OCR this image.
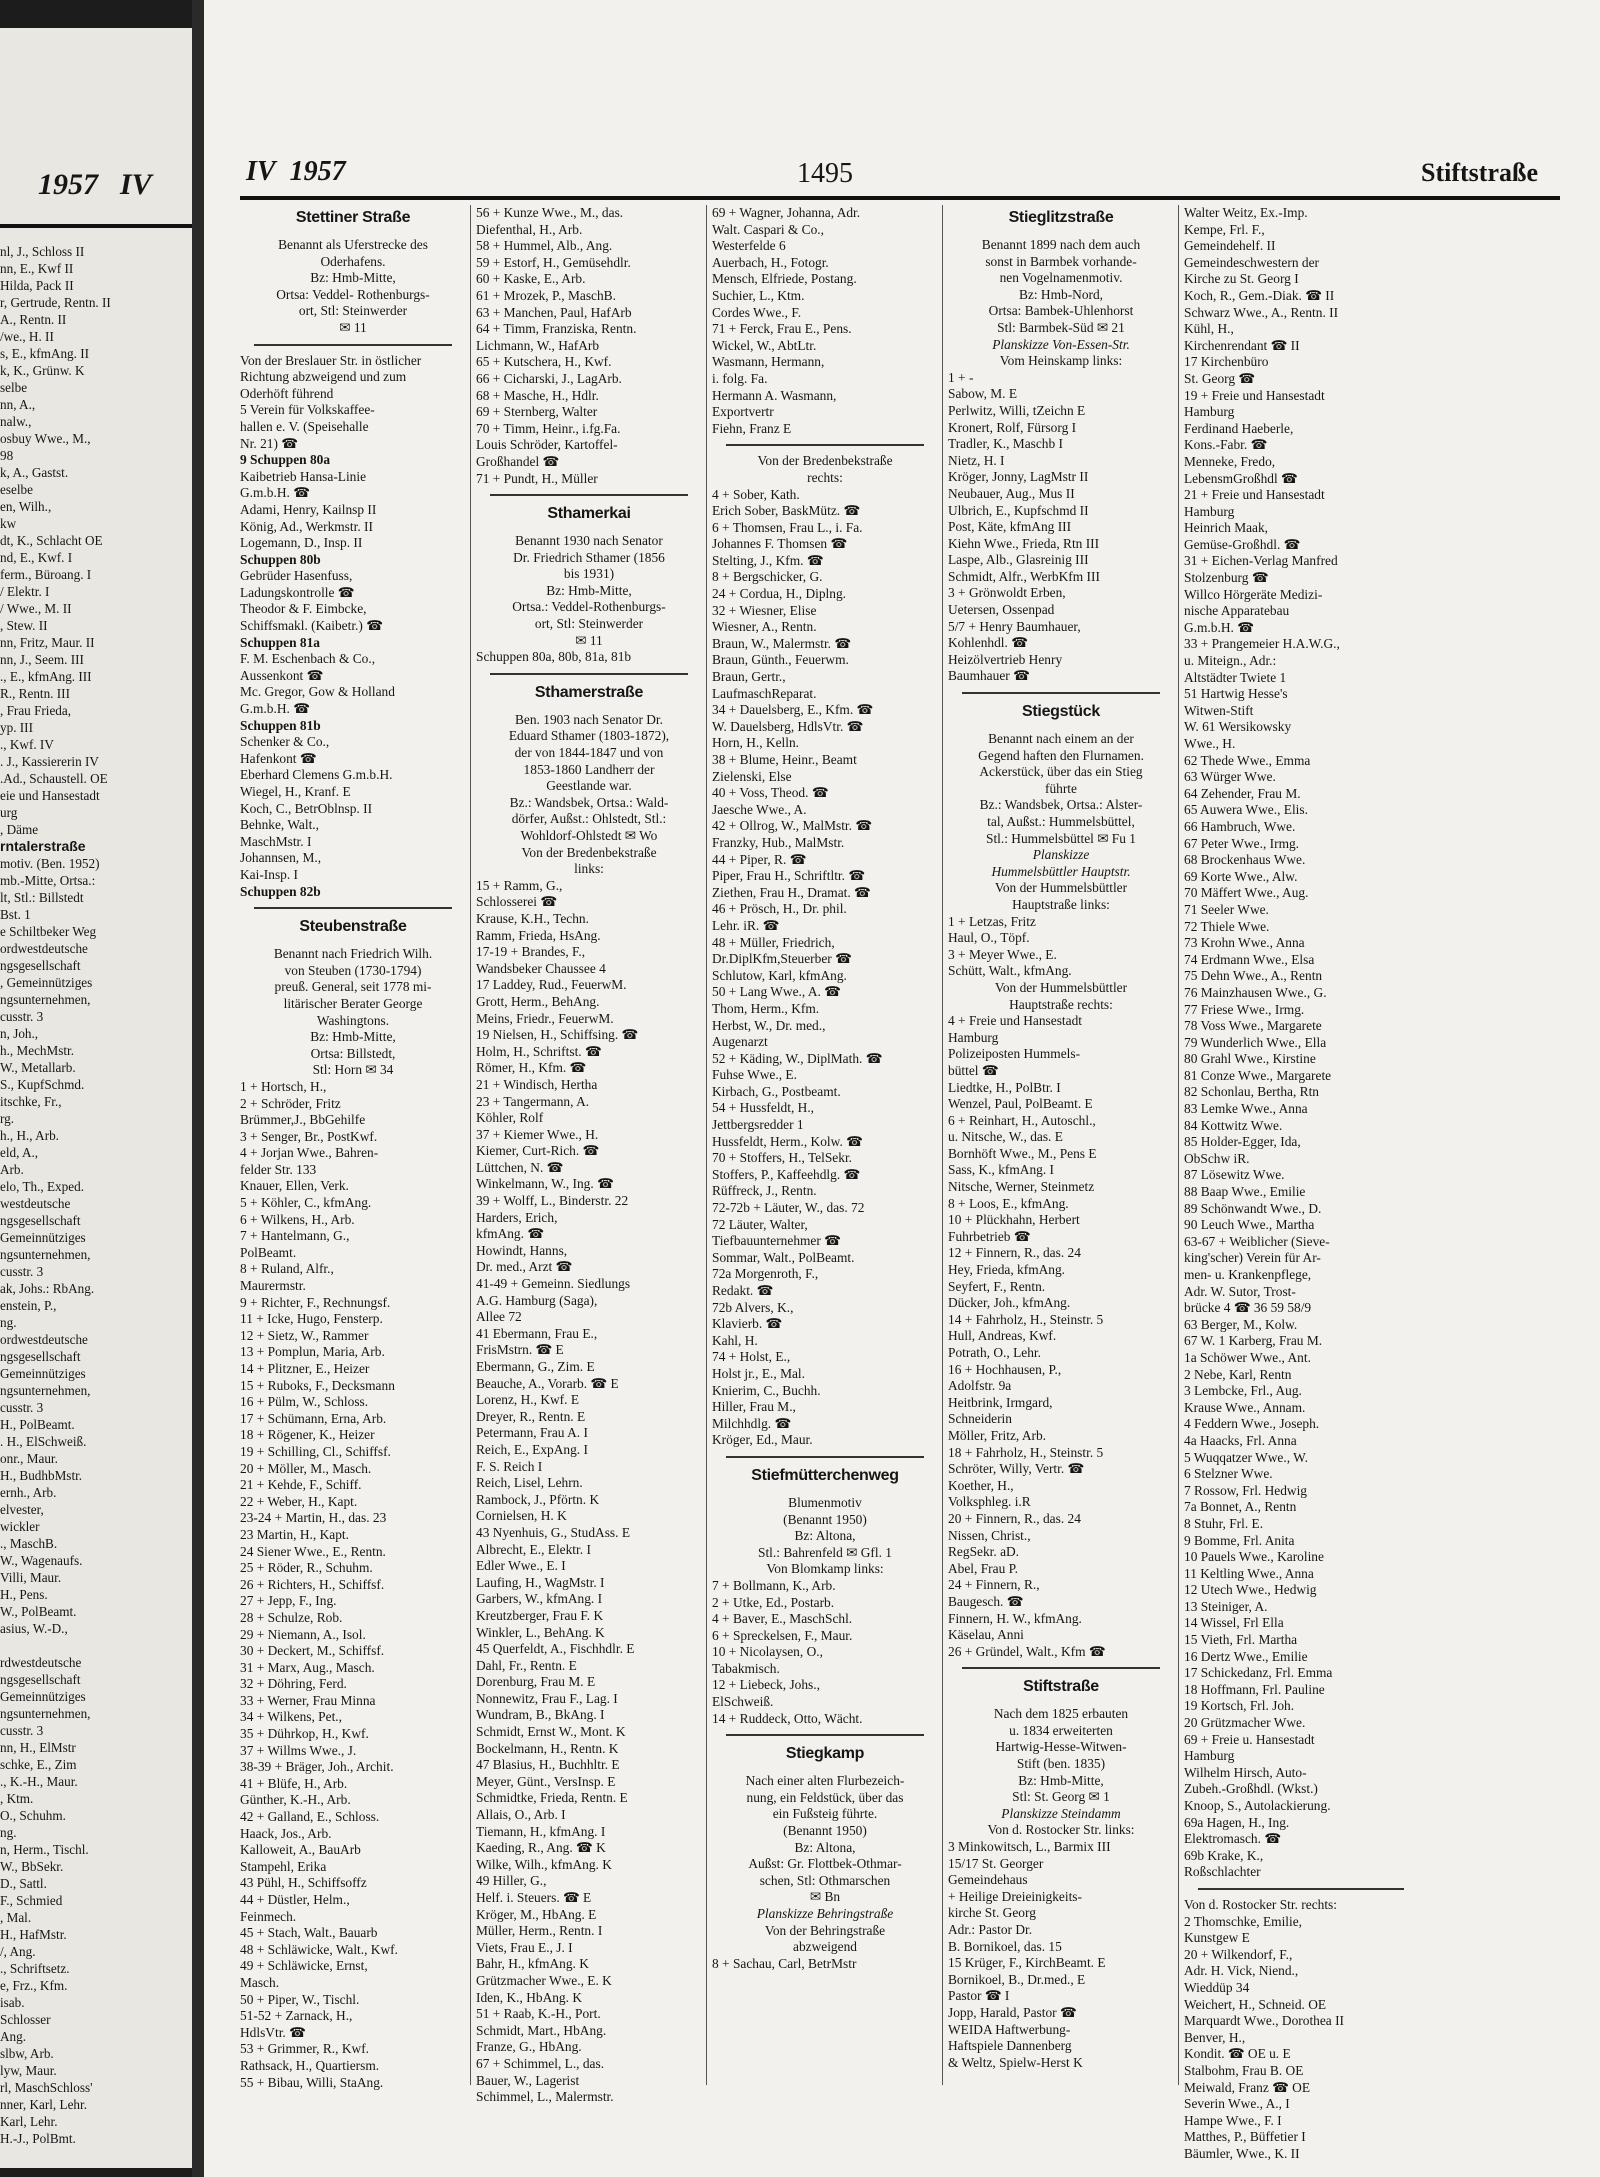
1957 IV
nl, J., Schloss II
nn, E., Kwf II
Hilda, Pack II
r, Gertrude, Rentn. II
A., Rentn. II
/we., H. II
s, E., kfmAng. II
k, K., Grünw. K
selbe
nn, A.,
nalw.,
osbuy Wwe., M.,
98
k, A., Gastst.
eselbe
en, Wilh.,
kw
dt, K., Schlacht OE
nd, E., Kwf. I
ferm., Büroang. I
/ Elektr. I
/ Wwe., M. II
, Stew. II
nn, Fritz, Maur. II
nn, J., Seem. III
., E., kfmAng. III
R., Rentn. III
, Frau Frieda,
yp. III
., Kwf. IV
. J., Kassiererin IV
.Ad., Schaustell. OE
eie und Hansestadt
urg
, Däme
rntalerstraße
motiv. (Ben. 1952)
mb.-Mitte, Ortsa.:
lt, Stl.: Billstedt
Bst. 1
e Schiltbeker Weg
ordwestdeutsche
ngsgesellschaft
, Gemeinnütziges
ngsunternehmen,
cusstr. 3
n, Joh.,
h., MechMstr.
W., Metallarb.
S., KupfSchmd.
itschke, Fr.,
rg.
h., H., Arb.
eld, A.,
Arb.
elo, Th., Exped.
westdeutsche
ngsgesellschaft
Gemeinnütziges
ngsunternehmen,
cusstr. 3
ak, Johs.: RbAng.
enstein, P.,
ng.
ordwestdeutsche
ngsgesellschaft
Gemeinnütziges
ngsunternehmen,
cusstr. 3
H., PolBeamt.
. H., ElSchweiß.
onr., Maur.
H., BudhbMstr.
ernh., Arb.
elvester,
wickler
., MaschB.
W., Wagenaufs.
Villi, Maur.
H., Pens.
W., PolBeamt.
asius, W.-D.,

rdwestdeutsche
ngsgesellschaft
Gemeinnütziges
ngsunternehmen,
cusstr. 3
nn, H., ElMstr
schke, E., Zim
., K.-H., Maur.
, Ktm.
O., Schuhm.
ng.
n, Herm., Tischl.
W., BbSekr.
D., Sattl.
F., Schmied
, Mal.
H., HafMstr.
/, Ang.
., Schriftsetz.
e, Frz., Kfm.
isab.
Schlosser
Ang.
slbw, Arb.
lyw, Maur.
rl, MaschSchloss'
nner, Karl, Lehr.
Karl, Lehr.
H.-J., PolBmt.
IV 1957	1495	Stiftstraße
Stettiner Straße
Benannt als Uferstrecke des
Oderhafens.
Bz: Hmb-Mitte,
Ortsa: Veddel- Rothenburgs-
ort, Stl: Steinwerder
✉ 11
Von der Breslauer Str. in östlicher
Richtung abzweigend und zum
Oderhöft führend
5 Verein für Volkskaffee-
hallen e. V. (Speisehalle
Nr. 21) ☎
9 Schuppen 80a
Kaibetrieb Hansa-Linie
G.m.b.H. ☎
Adami, Henry, Kailnsp II
König, Ad., Werkmstr. II
Logemann, D., Insp. II
Schuppen 80b
Gebrüder Hasenfuss,
Ladungskontrolle ☎
Theodor & F. Eimbcke,
Schiffsmakl. (Kaibetr.) ☎
Schuppen 81a
F. M. Eschenbach & Co.,
Aussenkont ☎
Mc. Gregor, Gow & Holland
G.m.b.H. ☎
Schuppen 81b
Schenker & Co.,
Hafenkont ☎
Eberhard Clemens G.m.b.H.
Wiegel, H., Kranf. E
Koch, C., BetrOblnsp. II
Behnke, Walt.,
MaschMstr. I
Johannsen, M.,
Kai-Insp. I
Schuppen 82b
Steubenstraße
Benannt nach Friedrich Wilh.
von Steuben (1730-1794)
preuß. General, seit 1778 mi-
litärischer Berater George
Washingtons.
Bz: Hmb-Mitte,
Ortsa: Billstedt,
Stl: Horn ✉ 34
1 + Hortsch, H.,
2 + Schröder, Fritz
Brümmer,J., BbGehilfe
3 + Senger, Br., PostKwf.
4 + Jorjan Wwe., Bahren-
felder Str. 133
Knauer, Ellen, Verk.
5 + Köhler, C., kfmAng.
6 + Wilkens, H., Arb.
7 + Hantelmann, G.,
PolBeamt.
8 + Ruland, Alfr.,
Maurermstr.
9 + Richter, F., Rechnungsf.
11 + Icke, Hugo, Fensterp.
12 + Sietz, W., Rammer
13 + Pomplun, Maria, Arb.
14 + Plitzner, E., Heizer
15 + Ruboks, F., Decksmann
16 + Pülm, W., Schloss.
17 + Schümann, Erna, Arb.
18 + Rögener, K., Heizer
19 + Schilling, Cl., Schiffsf.
20 + Möller, M., Masch.
21 + Kehde, F., Schiff.
22 + Weber, H., Kapt.
23-24 + Martin, H., das. 23
23 Martin, H., Kapt.
24 Siener Wwe., E., Rentn.
25 + Röder, R., Schuhm.
26 + Richters, H., Schiffsf.
27 + Jepp, F., Ing.
28 + Schulze, Rob.
29 + Niemann, A., Isol.
30 + Deckert, M., Schiffsf.
31 + Marx, Aug., Masch.
32 + Döhring, Ferd.
33 + Werner, Frau Minna
34 + Wilkens, Pet.,
35 + Dührkop, H., Kwf.
37 + Willms Wwe., J.
38-39 + Bräger, Joh., Archit.
41 + Blüfe, H., Arb.
Günther, K.-H., Arb.
42 + Galland, E., Schloss.
Haack, Jos., Arb.
Kalloweit, A., BauArb
Stampehl, Erika
43 Pühl, H., Schiffsoffz
44 + Düstler, Helm.,
Feinmech.
45 + Stach, Walt., Bauarb
48 + Schläwicke, Walt., Kwf.
49 + Schläwicke, Ernst,
Masch.
50 + Piper, W., Tischl.
51-52 + Zarnack, H.,
HdlsVtr. ☎
53 + Grimmer, R., Kwf.
Rathsack, H., Quartiersm.
55 + Bibau, Willi, StaAng.
56 + Kunze Wwe., M., das.
Diefenthal, H., Arb.
58 + Hummel, Alb., Ang.
59 + Estorf, H., Gemüsehdlr.
60 + Kaske, E., Arb.
61 + Mrozek, P., MaschB.
63 + Manchen, Paul, HafArb
64 + Timm, Franziska, Rentn.
Lichmann, W., HafArb
65 + Kutschera, H., Kwf.
66 + Cicharski, J., LagArb.
68 + Masche, H., Hdlr.
69 + Sternberg, Walter
70 + Timm, Heinr., i.fg.Fa.
Louis Schröder, Kartoffel-
Großhandel ☎
71 + Pundt, H., Müller
Sthamerkai
Benannt 1930 nach Senator
Dr. Friedrich Sthamer (1856
bis 1931)
Bz: Hmb-Mitte,
Ortsa.: Veddel-Rothenburgs-
ort, Stl: Steinwerder
✉ 11
Schuppen 80a, 80b, 81a, 81b
Sthamerstraße
Ben. 1903 nach Senator Dr.
Eduard Sthamer (1803-1872),
der von 1844-1847 und von
1853-1860 Landherr der
Geestlande war.
Bz.: Wandsbek, Ortsa.: Wald-
dörfer, Außst.: Ohlstedt, Stl.:
Wohldorf-Ohlstedt ✉ Wo
Von der Bredenbekstraße
links:
15 + Ramm, G.,
Schlosserei ☎
Krause, K.H., Techn.
Ramm, Frieda, HsAng.
17-19 + Brandes, F.,
Wandsbeker Chaussee 4
17 Laddey, Rud., FeuerwM.
Grott, Herm., BehAng.
Meins, Friedr., FeuerwM.
19 Nielsen, H., Schiffsing. ☎
Holm, H., Schriftst. ☎
Römer, H., Kfm. ☎
21 + Windisch, Hertha
23 + Tangermann, A.
Köhler, Rolf
37 + Kiemer Wwe., H.
Kiemer, Curt-Rich. ☎
Lüttchen, N. ☎
Winkelmann, W., Ing. ☎
39 + Wolff, L., Binderstr. 22
Harders, Erich,
kfmAng. ☎
Howindt, Hanns,
Dr. med., Arzt ☎
41-49 + Gemeinn. Siedlungs
A.G. Hamburg (Saga),
Allee 72
41 Ebermann, Frau E.,
FrisMstrn. ☎ E
Ebermann, G., Zim. E
Beauche, A., Vorarb. ☎ E
Lorenz, H., Kwf. E
Dreyer, R., Rentn. E
Petermann, Frau A. I
Reich, E., ExpAng. I
F. S. Reich I
Reich, Lisel, Lehrn.
Rambock, J., Pförtn. K
Cornielsen, H. K
43 Nyenhuis, G., StudAss. E
Albrecht, E., Elektr. I
Edler Wwe., E. I
Laufing, H., WagMstr. I
Garbers, W., kfmAng. I
Kreutzberger, Frau F. K
Winkler, L., BehAng. K
45 Querfeldt, A., Fischhdlr. E
Dahl, Fr., Rentn. E
Dorenburg, Frau M. E
Nonnewitz, Frau F., Lag. I
Wundram, B., BkAng. I
Schmidt, Ernst W., Mont. K
Bockelmann, H., Rentn. K
47 Blasius, H., Buchhltr. E
Meyer, Günt., VersInsp. E
Schmidtke, Frieda, Rentn. E
Allais, O., Arb. I
Tiemann, H., kfmAng. I
Kaeding, R., Ang. ☎ K
Wilke, Wilh., kfmAng. K
49 Hiller, G.,
Helf. i. Steuers. ☎ E
Kröger, M., HbAng. E
Müller, Herm., Rentn. I
Viets, Frau E., J. I
Bahr, H., kfmAng. K
Grützmacher Wwe., E. K
Iden, K., HbAng. K
51 + Raab, K.-H., Port.
Schmidt, Mart., HbAng.
Franze, G., HbAng.
67 + Schimmel, L., das.
Bauer, W., Lagerist
Schimmel, L., Malermstr.
69 + Wagner, Johanna, Adr.
Walt. Caspari & Co.,
Westerfelde 6
Auerbach, H., Fotogr.
Mensch, Elfriede, Postang.
Suchier, L., Ktm.
Cordes Wwe., F.
71 + Ferck, Frau E., Pens.
Wickel, W., AbtLtr.
Wasmann, Hermann,
i. folg. Fa.
Hermann A. Wasmann,
Exportvertr
Fiehn, Franz E
Von der Bredenbekstraße
rechts:
4 + Sober, Kath.
Erich Sober, BaskMütz. ☎
6 + Thomsen, Frau L., i. Fa.
Johannes F. Thomsen ☎
Stelting, J., Kfm. ☎
8 + Bergschicker, G.
24 + Cordua, H., Diplng.
32 + Wiesner, Elise
Wiesner, A., Rentn.
Braun, W., Malermstr. ☎
Braun, Günth., Feuerwm.
Braun, Gertr.,
LaufmaschReparat.
34 + Dauelsberg, E., Kfm. ☎
W. Dauelsberg, HdlsVtr. ☎
Horn, H., Kelln.
38 + Blume, Heinr., Beamt
Zielenski, Else
40 + Voss, Theod. ☎
Jaesche Wwe., A.
42 + Ollrog, W., MalMstr. ☎
Franzky, Hub., MalMstr.
44 + Piper, R. ☎
Piper, Frau H., Schriftltr. ☎
Ziethen, Frau H., Dramat. ☎
46 + Prösch, H., Dr. phil.
Lehr. iR. ☎
48 + Müller, Friedrich,
Dr.DiplKfm,Steuerber ☎
Schlutow, Karl, kfmAng.
50 + Lang Wwe., A. ☎
Thom, Herm., Kfm.
Herbst, W., Dr. med.,
Augenarzt
52 + Käding, W., DiplMath. ☎
Fuhse Wwe., E.
Kirbach, G., Postbeamt.
54 + Hussfeldt, H.,
Jettbergsredder 1
Hussfeldt, Herm., Kolw. ☎
70 + Stoffers, H., TelSekr.
Stoffers, P., Kaffeehdlg. ☎
Rüffreck, J., Rentn.
72-72b + Läuter, W., das. 72
72 Läuter, Walter,
Tiefbauunternehmer ☎
Sommar, Walt., PolBeamt.
72a Morgenroth, F.,
Redakt. ☎
72b Alvers, K.,
Klavierb. ☎
Kahl, H.
74 + Holst, E.,
Holst jr., E., Mal.
Knierim, C., Buchh.
Hiller, Frau M.,
Milchhdlg. ☎
Kröger, Ed., Maur.
Stiefmütterchenweg
Blumenmotiv
(Benannt 1950)
Bz: Altona,
Stl.: Bahrenfeld ✉ Gfl. 1
Von Blomkamp links:
7 + Bollmann, K., Arb.
2 + Utke, Ed., Postarb.
4 + Baver, E., MaschSchl.
6 + Spreckelsen, F., Maur.
10 + Nicolaysen, O.,
Tabakmisch.
12 + Liebeck, Johs.,
ElSchweiß.
14 + Ruddeck, Otto, Wächt.
Stiegkamp
Nach einer alten Flurbezeich-
nung, ein Feldstück, über das
ein Fußsteig führte.
(Benannt 1950)
Bz: Altona,
Außst: Gr. Flottbek-Othmar-
schen, Stl: Othmarschen
✉ Bn
Planskizze Behringstraße
Von der Behringstraße
abzweigend
8 + Sachau, Carl, BetrMstr
Stieglitzstraße
Benannt 1899 nach dem auch
sonst in Barmbek vorhande-
nen Vogelnamenmotiv.
Bz: Hmb-Nord,
Ortsa: Bambek-Uhlenhorst
Stl: Barmbek-Süd ✉ 21
Planskizze Von-Essen-Str.
Vom Heinskamp links:
1 + -
Sabow, M. E
Perlwitz, Willi, tZeichn E
Kronert, Rolf, Fürsorg I
Tradler, K., Maschb I
Nietz, H. I
Kröger, Jonny, LagMstr II
Neubauer, Aug., Mus II
Ulbrich, E., Kupfschmd II
Post, Käte, kfmAng III
Kiehn Wwe., Frieda, Rtn III
Laspe, Alb., Glasreinig III
Schmidt, Alfr., WerbKfm III
3 + Grönwoldt Erben,
Uetersen, Ossenpad
5/7 + Henry Baumhauer,
Kohlenhdl. ☎
Heizölvertrieb Henry
Baumhauer ☎
Stiegstück
Benannt nach einem an der
Gegend haften den Flurnamen.
Ackerstück, über das ein Stieg
führte
Bz.: Wandsbek, Ortsa.: Alster-
tal, Außst.: Hummelsbüttel,
Stl.: Hummelsbüttel ✉ Fu 1
Planskizze
Hummelsbüttler Hauptstr.
Von der Hummelsbüttler
Hauptstraße links:
1 + Letzas, Fritz
Haul, O., Töpf.
3 + Meyer Wwe., E.
Schütt, Walt., kfmAng.
Von der Hummelsbüttler
Hauptstraße rechts:
4 + Freie und Hansestadt
Hamburg
Polizeiposten Hummels-
büttel ☎
Liedtke, H., PolBtr. I
Wenzel, Paul, PolBeamt. E
6 + Reinhart, H., Autoschl.,
u. Nitsche, W., das. E
Bornhöft Wwe., M., Pens E
Sass, K., kfmAng. I
Nitsche, Werner, Steinmetz
8 + Loos, E., kfmAng.
10 + Plückhahn, Herbert
Fuhrbetrieb ☎
12 + Finnern, R., das. 24
Hey, Frieda, kfmAng.
Seyfert, F., Rentn.
Dücker, Joh., kfmAng.
14 + Fahrholz, H., Steinstr. 5
Hull, Andreas, Kwf.
Potrath, O., Lehr.
16 + Hochhausen, P.,
Adolfstr. 9a
Heitbrink, Irmgard,
Schneiderin
Möller, Fritz, Arb.
18 + Fahrholz, H., Steinstr. 5
Schröter, Willy, Vertr. ☎
Koether, H.,
Volksphleg. i.R
20 + Finnern, R., das. 24
Nissen, Christ.,
RegSekr. aD.
Abel, Frau P.
24 + Finnern, R.,
Baugesch. ☎
Finnern, H. W., kfmAng.
Käselau, Anni
26 + Gründel, Walt., Kfm ☎
Stiftstraße
Nach dem 1825 erbauten
u. 1834 erweiterten
Hartwig-Hesse-Witwen-
Stift (ben. 1835)
Bz: Hmb-Mitte,
Stl: St. Georg ✉ 1
Planskizze Steindamm
Von d. Rostocker Str. links:
3 Minkowitsch, L., Barmix III
15/17 St. Georger
Gemeindehaus
+ Heilige Dreieinigkeits-
kirche St. Georg
Adr.: Pastor Dr.
B. Bornikoel, das. 15
15 Krüger, F., KirchBeamt. E
Bornikoel, B., Dr.med., E
Pastor ☎ I
Jopp, Harald, Pastor ☎
WEIDA Haftwerbung-
Haftspiele Dannenberg
& Weltz, Spielw-Herst K
Walter Weitz, Ex.-Imp.
Kempe, Frl. F.,
Gemeindehelf. II
Gemeindeschwestern der
Kirche zu St. Georg I
Koch, R., Gem.-Diak. ☎ II
Schwarz Wwe., A., Rentn. II
Kühl, H.,
Kirchenrendant ☎ II
17 Kirchenbüro
St. Georg ☎
19 + Freie und Hansestadt
Hamburg
Ferdinand Haeberle,
Kons.-Fabr. ☎
Menneke, Fredo,
LebensmGroßhdl ☎
21 + Freie und Hansestadt
Hamburg
Heinrich Maak,
Gemüse-Großhdl. ☎
31 + Eichen-Verlag Manfred
Stolzenburg ☎
Willco Hörgeräte Medizi-
nische Apparatebau
G.m.b.H. ☎
33 + Prangemeier H.A.W.G.,
u. Miteign., Adr.:
Altstädter Twiete 1
51 Hartwig Hesse's
Witwen-Stift
W. 61 Wersikowsky
Wwe., H.
62 Thede Wwe., Emma
63 Würger Wwe.
64 Zehender, Frau M.
65 Auwera Wwe., Elis.
66 Hambruch, Wwe.
67 Peter Wwe., Irmg.
68 Brockenhaus Wwe.
69 Korte Wwe., Alw.
70 Mäffert Wwe., Aug.
71 Seeler Wwe.
72 Thiele Wwe.
73 Krohn Wwe., Anna
74 Erdmann Wwe., Elsa
75 Dehn Wwe., A., Rentn
76 Mainzhausen Wwe., G.
77 Friese Wwe., Irmg.
78 Voss Wwe., Margarete
79 Wunderlich Wwe., Ella
80 Grahl Wwe., Kirstine
81 Conze Wwe., Margarete
82 Schonlau, Bertha, Rtn
83 Lemke Wwe., Anna
84 Kottwitz Wwe.
85 Holder-Egger, Ida,
ObSchw iR.
87 Lösewitz Wwe.
88 Baap Wwe., Emilie
89 Schönwandt Wwe., D.
90 Leuch Wwe., Martha
63-67 + Weiblicher (Sieve-
king'scher) Verein für Ar-
men- u. Krankenpflege,
Adr. W. Sutor, Trost-
brücke 4 ☎ 36 59 58/9
63 Berger, M., Kolw.
67 W. 1 Karberg, Frau M.
1a Schöwer Wwe., Ant.
2 Nebe, Karl, Rentn
3 Lembcke, Frl., Aug.
Krause Wwe., Annam.
4 Feddern Wwe., Joseph.
4a Haacks, Frl. Anna
5 Wuqqatzer Wwe., W.
6 Stelzner Wwe.
7 Rossow, Frl. Hedwig
7a Bonnet, A., Rentn
8 Stuhr, Frl. E.
9 Bomme, Frl. Anita
10 Pauels Wwe., Karoline
11 Keltling Wwe., Anna
12 Utech Wwe., Hedwig
13 Steiniger, A.
14 Wissel, Frl Ella
15 Vieth, Frl. Martha
16 Dertz Wwe., Emilie
17 Schickedanz, Frl. Emma
18 Hoffmann, Frl. Pauline
19 Kortsch, Frl. Joh.
20 Grützmacher Wwe.
69 + Freie u. Hansestadt
Hamburg
Wilhelm Hirsch, Auto-
Zubeh.-Großhdl. (Wkst.)
Knoop, S., Autolackierung.
69a Hagen, H., Ing.
Elektromasch. ☎
69b Krake, K.,
Roßschlachter
Von d. Rostocker Str. rechts:
2 Thomschke, Emilie,
Kunstgew E
20 + Wilkendorf, F.,
Adr. H. Vick, Niend.,
Wieddüp 34
Weichert, H., Schneid. OE
Marquardt Wwe., Dorothea II
Benver, H.,
Kondit. ☎ OE u. E
Stalbohm, Frau B. OE
Meiwald, Franz ☎ OE
Severin Wwe., A., I
Hampe Wwe., F. I
Matthes, P., Büffetier I
Bäumler, Wwe., K. II
